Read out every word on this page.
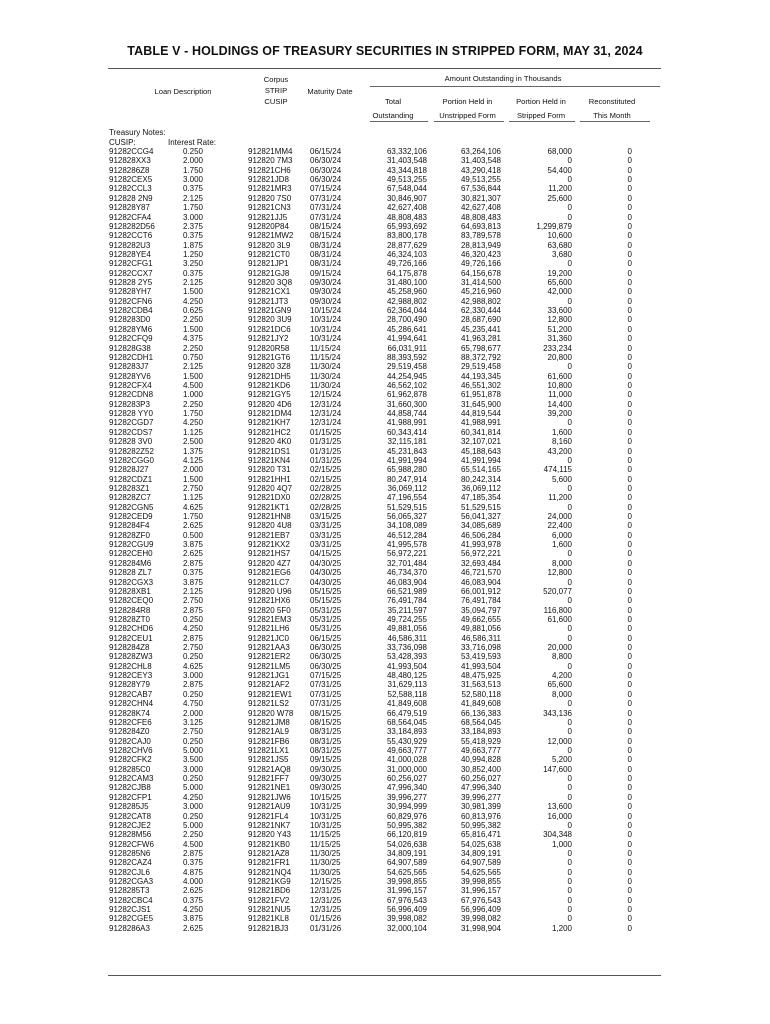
TABLE V - HOLDINGS OF TREASURY SECURITIES IN STRIPPED FORM, MAY 31, 2024
Loan Description
Corpus
STRIP
CUSIP
Maturity Date
Amount Outstanding in Thousands
Total
Outstanding
Portion Held in
Unstripped Form
Portion Held in
Stripped Form
Reconstituted
This Month
Treasury Notes:
CUSIP:	Interest Rate:
91282CCG4	0.250	912821MM4 06/15/24	63,332,106	63,264,106	68,000	0
912828XX3	2.000	912820 7M3 06/30/24	31,403,548	31,403,548	0	0
9128286Z8	1.750	912821CH6 06/30/24	43,344,818	43,290,418	54,400	0
91282CEX5	3.000	912821JD8	06/30/24	49,513,255	49,513,255	0	0
91282CCL3	0.375	912821MR3 07/15/24	67,548,044	67,536,844	11,200	0
912828 2N9	2.125	912820 7S0 07/31/24	30,846,907	30,821,307	25,600	0
912828Y87	1.750	912821CN3 07/31/24	42,627,408	42,627,408	0	0
91282CFA4	3.000	912821JJ5	07/31/24	48,808,483	48,808,483	0	0
9128282D56	2.375	912820P84	08/15/24	65,993,692	64,693,813	1,299,879	0
91282CCT6	0.375	912821MW2 08/15/24	83,800,178	83,789,578	10,600	0
9128282U3	1.875	912820 3L9 08/31/24	28,877,629	28,813,949	63,680	0
912828YE4	1.250	912821CT0	08/31/24	46,324,103	46,320,423	3,680	0
91282CFG1	3.250	912821JP1	08/31/24	49,726,166	49,726,166	0	0
91282CCX7	0.375	912821GJ8	09/15/24	64,175,878	64,156,678	19,200	0
912828 2Y5	2.125	912820 3Q8 09/30/24	31,480,100	31,414,500	65,600	0
912828YH7	1.500	912821CX1 09/30/24	45,258,960	45,216,960	42,000	0
91282CFN6	4.250	912821JT3	09/30/24	42,988,802	42,988,802	0	0
91282CDB4	0.625	912821GN9 10/15/24	62,364,044	62,330,444	33,600	0
9128283D0	2.250	912820 3U9 10/31/24	28,700,490	28,687,690	12,800	0
912828YM6	1.500	912821DC6 10/31/24	45,286,641	45,235,441	51,200	0
91282CFQ9	4.375	912821JY2	10/31/24	41,994,641	41,963,281	31,360	0
912828G38	2.250	912820R58	11/15/24	66,031,911	65,798,677	233,234	0
91282CDH1	0.750	912821GT6 11/15/24	88,393,592	88,372,792	20,800	0
9128283J7	2.125	912820 3Z8 11/30/24	29,519,458	29,519,458	0	0
912828YV6	1.500	912821DH5 11/30/24	44,254,945	44,193,345	61,600	0
91282CFX4	4.500	912821KD6 11/30/24	46,562,102	46,551,302	10,800	0
91282CDN8	1.000	912821GY5 12/15/24	61,962,878	61,951,878	11,000	0
9128283P3	2.250	912820 4D6 12/31/24	31,660,300	31,645,900	14,400	0
912828 YY0	1.750	912821DM4 12/31/24	44,858,744	44,819,544	39,200	0
91282CGD7	4.250	912821KH7 12/31/24	41,988,991	41,988,991	0	0
91282CDS7	1.125	912821HC2 01/15/25	60,343,414	60,341,814	1,600	0
912828 3V0	2.500	912820 4K0 01/31/25	32,115,181	32,107,021	8,160	0
9128282Z52	1.375	912821DS1 01/31/25	45,231,843	45,188,643	43,200	0
91282CGG0	4.125	912821KN4 01/31/25	41,991,994	41,991,994	0	0
912828J27	2.000	912820 T31 02/15/25	65,988,280	65,514,165	474,115	0
91282CDZ1	1.500	912821HH1 02/15/25	80,247,914	80,242,314	5,600	0
9128283Z1	2.750	912820 4Q7 02/28/25	36,069,112	36,069,112	0	0
912828ZC7	1.125	912821DX0 02/28/25	47,196,554	47,185,354	11,200	0
91282CGN5	4.625	912821KT1	02/28/25	51,529,515	51,529,515	0	0
91282CED9	1.750	912821HN8 03/15/25	56,065,327	56,041,327	24,000	0
9128284F4	2.625	912820 4U8 03/31/25	34,108,089	34,085,689	22,400	0
912828ZF0	0.500	912821EB7	03/31/25	46,512,284	46,506,284	6,000	0
91282CGU9	3.875	912821KX2	03/31/25	41,995,578	41,993,978	1,600	0
91282CEH0	2.625	912821HS7 04/15/25	56,972,221	56,972,221	0	0
9128284M6	2.875	912820 4Z7 04/30/25	32,701,484	32,693,484	8,000	0
912828 ZL7	0.375	912821EG6 04/30/25	46,734,370	46,721,570	12,800	0
91282CGX3	3.875	912821LC7	04/30/25	46,083,904	46,083,904	0	0
912828XB1	2.125	912820 U96 05/15/25	66,521,989	66,001,912	520,077	0
91282CEQ0	2.750	912821HX6 05/15/25	76,491,784	76,491,784	0	0
9128284R8	2.875	912820 5F0 05/31/25	35,211,597	35,094,797	116,800	0
912828ZT0	0.250	912821EM3 05/31/25	49,724,255	49,662,655	61,600	0
91282CHD6	4.250	912821LH6	05/31/25	49,881,056	49,881,056	0	0
91282CEU1	2.875	912821JC0	06/15/25	46,586,311	46,586,311	0	0
9128284Z8	2.750	912821AA3	06/30/25	33,736,098	33,716,098	20,000	0
912828ZW3	0.250	912821ER2 06/30/25	53,428,393	53,419,593	8,800	0
91282CHL8	4.625	912821LM5 06/30/25	41,993,504	41,993,504	0	0
91282CEY3	3.000	912821JG1	07/15/25	48,480,125	48,475,925	4,200	0
912828Y79	2.875	912821AF2	07/31/25	31,629,113	31,563,513	65,600	0
91282CAB7	0.250	912821EW1 07/31/25	52,588,118	52,580,118	8,000	0
91282CHN4	4.750	912821LS2	07/31/25	41,849,608	41,849,608	0	0
912828K74	2.000	912820 W78 08/15/25	66,479,519	66,136,383	343,136	0
91282CFE6	3.125	912821JM8	08/15/25	68,564,045	68,564,045	0	0
9128284Z0	2.750	912821AL9	08/31/25	33,184,893	33,184,893	0	0
91282CAJ0	0.250	912821FB6	08/31/25	55,430,929	55,418,929	12,000	0
91282CHV6	5.000	912821LX1	08/31/25	49,663,777	49,663,777	0	0
91282CFK2	3.500	912821JS5	09/15/25	41,000,028	40,994,828	5,200	0
9128285C0	3.000	912821AQ8 09/30/25	31,000,000	30,852,400	147,600	0
91282CAM3	0.250	912821FF7	09/30/25	60,256,027	60,256,027	0	0
91282CJB8	5.000	912821NE1 09/30/25	47,996,340	47,996,340	0	0
91282CFP1	4.250	912821JW6 10/15/25	39,996,277	39,996,277	0	0
9128285J5	3.000	912821AU9 10/31/25	30,994,999	30,981,399	13,600	0
91282CAT8	0.250	912821FL4	10/31/25	60,829,976	60,813,976	16,000	0
91282CJE2	5.000	912821NK7 10/31/25	50,995,382	50,995,382	0	0
912828M56	2.250	912820 Y43 11/15/25	66,120,819	65,816,471	304,348	0
91282CFW6	4.500	912821KB0	11/15/25	54,026,638	54,025,638	1,000	0
9128285N6	2.875	912821AZ8	11/30/25	34,809,191	34,809,191	0	0
91282CAZ4	0.375	912821FR1	11/30/25	64,907,589	64,907,589	0	0
91282CJL6	4.875	912821NQ4 11/30/25	54,625,565	54,625,565	0	0
91282CGA3	4.000	912821KG9 12/15/25	39,998,855	39,998,855	0	0
9128285T3	2.625	912821BD6 12/31/25	31,996,157	31,996,157	0	0
91282CBC4	0.375	912821FV2	12/31/25	67,976,543	67,976,543	0	0
91282CJS1	4.250	912821NU5 12/31/25	56,996,409	56,996,409	0	0
91282CGE5	3.875	912821KL8	01/15/26	39,998,082	39,998,082	0	0
9128286A3	2.625	912821BJ3	01/31/26	32,000,104	31,998,904	1,200	0
